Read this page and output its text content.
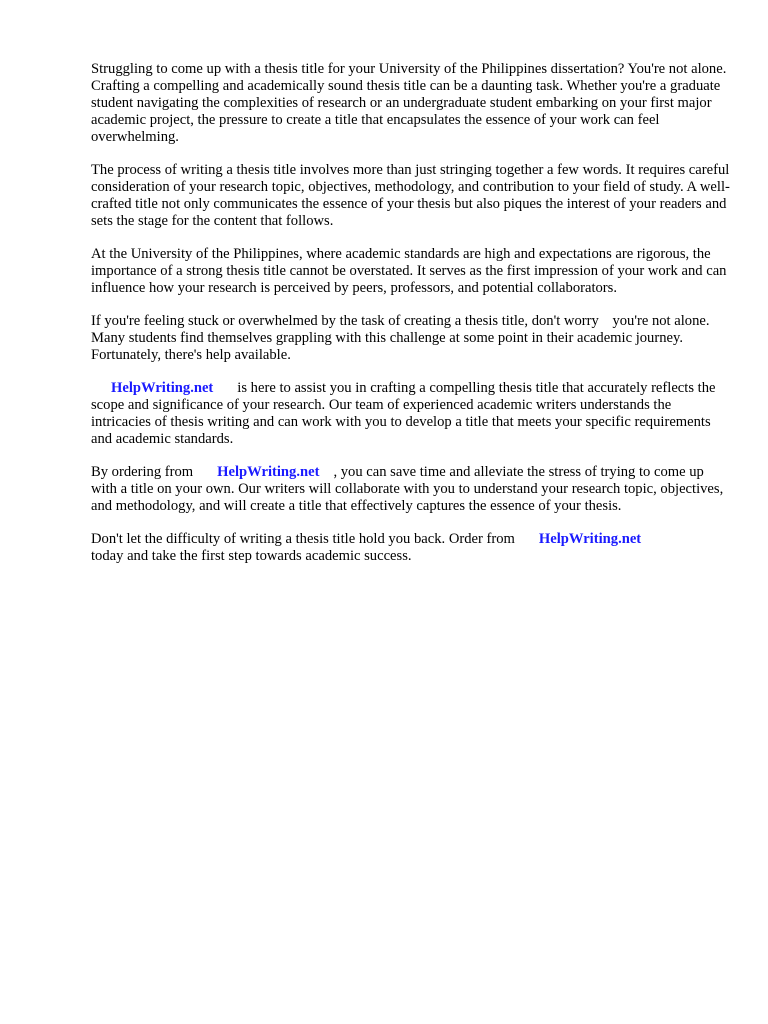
Struggling to come up with a thesis title for your University of the Philippines dissertation? You're not alone. Crafting a compelling and academically sound thesis title can be a daunting task. Whether you're a graduate student navigating the complexities of research or an undergraduate student embarking on your first major academic project, the pressure to create a title that encapsulates the essence of your work can feel overwhelming.

The process of writing a thesis title involves more than just stringing together a few words. It requires careful consideration of your research topic, objectives, methodology, and contribution to your field of study. A well-crafted title not only communicates the essence of your thesis but also piques the interest of your readers and sets the stage for the content that follows.

At the University of the Philippines, where academic standards are high and expectations are rigorous, the importance of a strong thesis title cannot be overstated. It serves as the first impression of your work and can influence how your research is perceived by peers, professors, and potential collaborators.

If you're feeling stuck or overwhelmed by the task of creating a thesis title, don't worry you're not alone. Many students find themselves grappling with this challenge at some point in their academic journey. Fortunately, there's help available.

HelpWriting.net is here to assist you in crafting a compelling thesis title that accurately reflects the scope and significance of your research. Our team of experienced academic writers understands the intricacies of thesis writing and can work with you to develop a title that meets your specific requirements and academic standards.

By ordering from HelpWriting.net , you can save time and alleviate the stress of trying to come up with a title on your own. Our writers will collaborate with you to understand your research topic, objectives, and methodology, and will create a title that effectively captures the essence of your thesis.

Don't let the difficulty of writing a thesis title hold you back. Order from HelpWriting.net
today and take the first step towards academic success.
